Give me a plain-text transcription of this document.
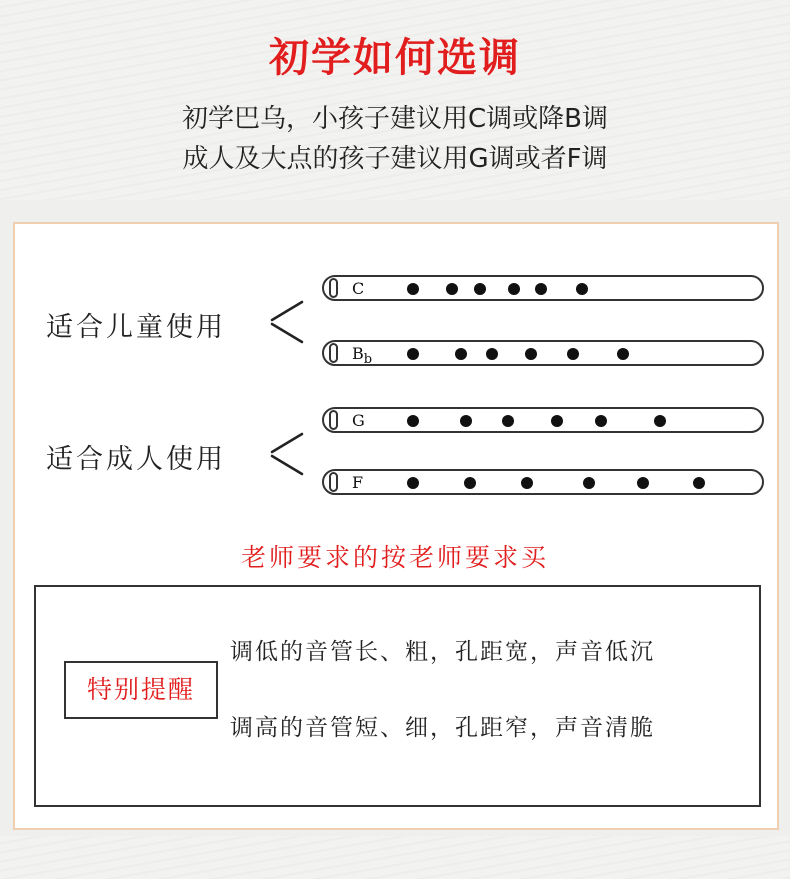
初学如何选调
初学巴乌，小孩子建议用C调或降B调
成人及大点的孩子建议用G调或者F调
适合儿童使用
适合成人使用
C
$B_b$
G
F
老师要求的按老师要求买
特别提醒
调低的音管长、粗，孔距宽，声音低沉
调高的音管短、细，孔距窄，声音清脆
